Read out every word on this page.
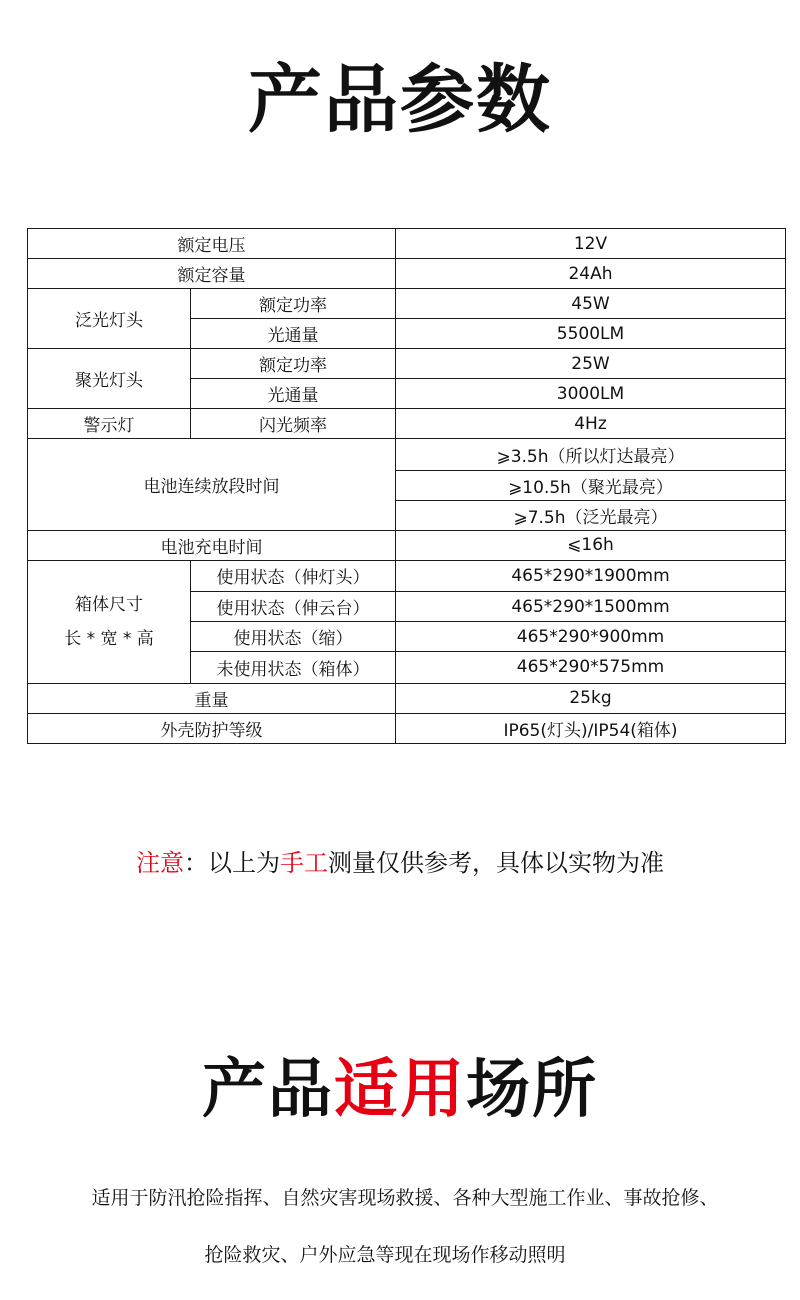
产品参数
额定电压		12V
额定容量		24Ah
泛光灯头	额定功率	45W
	光通量	5500LM
聚光灯头	额定功率	25W
	光通量	3000LM
警示灯	闪光频率	4Hz
电池连续放段时间		⩾3.5h（所以灯达最亮）
		⩾10.5h（聚光最亮）
		⩾7.5h（泛光最亮）
电池充电时间		⩽16h

箱体尺寸
长 * 宽 * 高	使用状态（伸灯头）	465*290*1900mm
	使用状态（伸云台）	465*290*1500mm
	使用状态（缩）	465*290*900mm
	未使用状态（箱体）	465*290*575mm
重量		25kg
外壳防护等级		IP65(灯头)/IP54(箱体)
注意：以上为手工测量仅供参考，具体以实物为准
产品适用场所
适用于防汛抢险指挥、自然灾害现场救援、各种大型施工作业、事故抢修、
抢险救灾、户外应急等现在现场作移动照明
